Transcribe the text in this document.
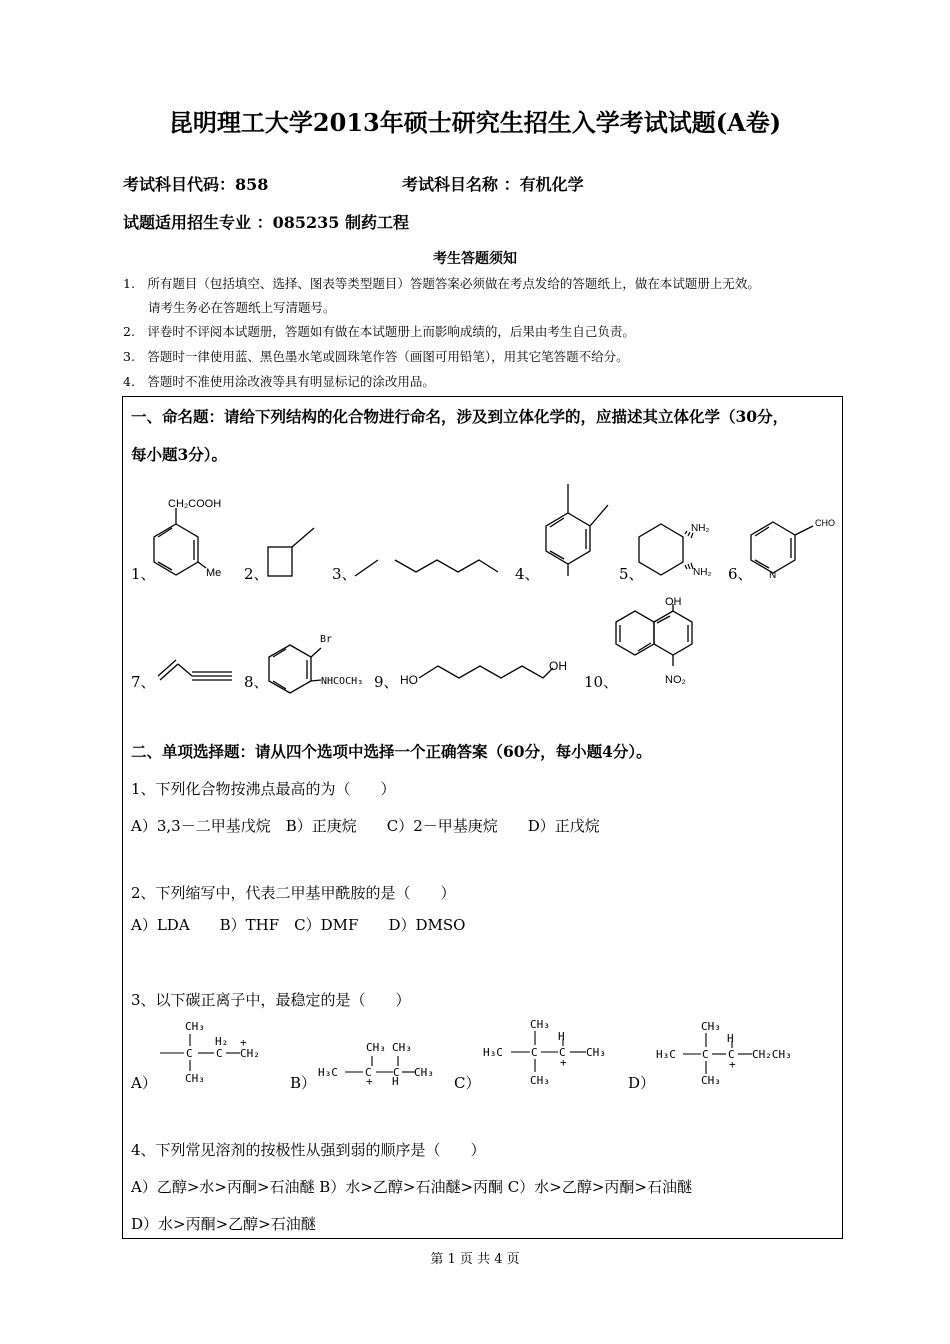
昆明理工大学2013年硕士研究生招生入学考试试题(A卷)
考试科目代码：858	考试科目名称 ：有机化学
试题适用招生专业 ：085235 制药工程
考生答题须知
1.　所有题目（包括填空、选择、图表等类型题目）答题答案必须做在考点发给的答题纸上，做在本试题册上无效。
　　请考生务必在答题纸上写清题号。
2.　评卷时不评阅本试题册，答题如有做在本试题册上而影响成绩的，后果由考生自己负责。
3.　答题时一律使用蓝、黑色墨水笔或圆珠笔作答（画图可用铅笔），用其它笔答题不给分。
4.　答题时不准使用涂改液等具有明显标记的涂改用品。
一、命名题：请给下列结构的化合物进行命名，涉及到立体化学的，应描述其立体化学（30分，
每小题3分）。
1、	2、	3、	4、	5、	6、
7、	8、	9、	10、
CH₂COOH
Me
NH₂
NH₂
CHO
N
Br
NHCOCH₃	HO
OH
OH
NO₂
CH₃
C
H₂
C
+
CH₂
CH₃
CH₃ CH₃
H₃C C
+
C
H
CH₃
CH₃
H
H₃C	C C
+
CH₃
CH₃
CH₃
H
H₃C C C
+
CH₂CH₃
CH₃
二、单项选择题：请从四个选项中选择一个正确答案（60分，每小题4分）。
1、下列化合物按沸点最高的为（　　）
A）3,3－二甲基戊烷　B）正庚烷　　C）2－甲基庚烷　　D）正戊烷
2、下列缩写中，代表二甲基甲酰胺的是（　　）
A）LDA　　B）THF　C）DMF　　D）DMSO
3、以下碳正离子中，最稳定的是（　　）
A）	B）	C）	D）
4、下列常见溶剂的按极性从强到弱的顺序是（　　）
A）乙醇>水>丙酮>石油醚 B）水>乙醇>石油醚>丙酮 C）水>乙醇>丙酮>石油醚
D）水>丙酮>乙醇>石油醚
第 1 页 共 4 页
